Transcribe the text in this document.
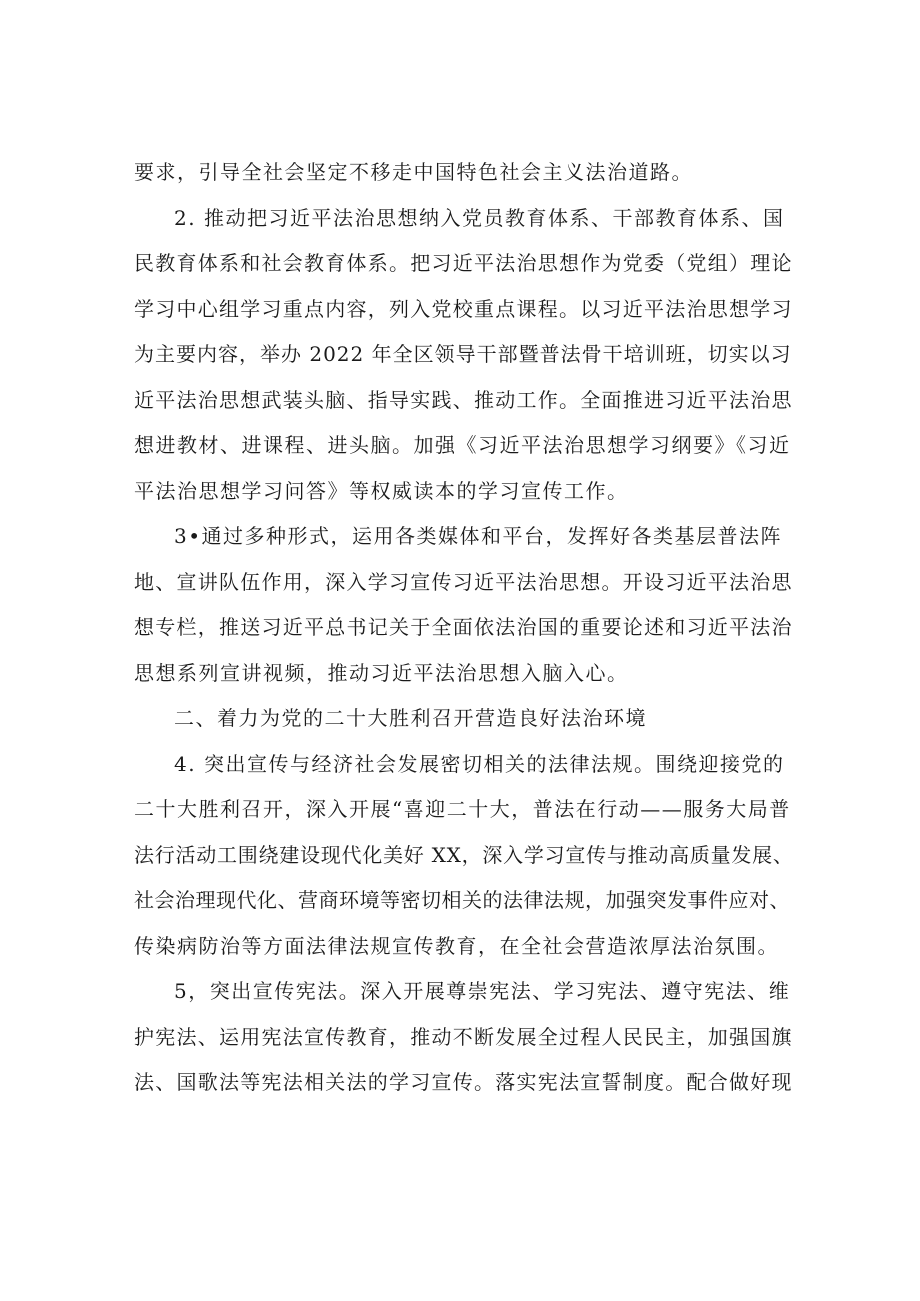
要求，引导全社会坚定不移走中国特色社会主义法治道路。
2. 推动把习近平法治思想纳入党员教育体系、干部教育体系、国
民教育体系和社会教育体系。把习近平法治思想作为党委（党组）理论
学习中心组学习重点内容，列入党校重点课程。以习近平法治思想学习
为主要内容，举办 2022 年全区领导干部暨普法骨干培训班，切实以习
近平法治思想武装头脑、指导实践、推动工作。全面推进习近平法治思
想进教材、进课程、进头脑。加强《习近平法治思想学习纲要》《习近
平法治思想学习问答》等权威读本的学习宣传工作。
3•通过多种形式，运用各类媒体和平台，发挥好各类基层普法阵
地、宣讲队伍作用，深入学习宣传习近平法治思想。开设习近平法治思
想专栏，推送习近平总书记关于全面依法治国的重要论述和习近平法治
思想系列宣讲视频，推动习近平法治思想入脑入心。
二、着力为党的二十大胜利召开营造良好法治环境
4. 突出宣传与经济社会发展密切相关的法律法规。围绕迎接党的
二十大胜利召开，深入开展“喜迎二十大，普法在行动——服务大局普
法行活动工围绕建设现代化美好 XX，深入学习宣传与推动高质量发展、
社会治理现代化、营商环境等密切相关的法律法规，加强突发事件应对、
传染病防治等方面法律法规宣传教育，在全社会营造浓厚法治氛围。
5，突出宣传宪法。深入开展尊崇宪法、学习宪法、遵守宪法、维
护宪法、运用宪法宣传教育，推动不断发展全过程人民民主，加强国旗
法、国歌法等宪法相关法的学习宣传。落实宪法宣誓制度。配合做好现
